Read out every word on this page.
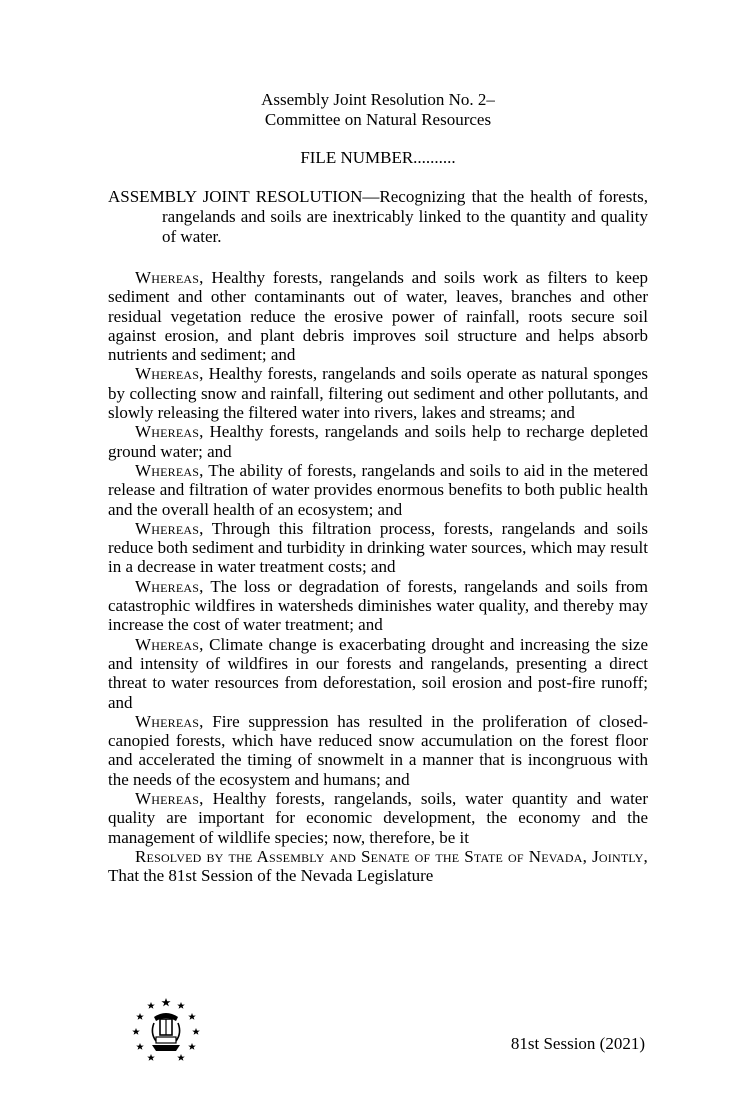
Assembly Joint Resolution No. 2–
Committee on Natural Resources
FILE NUMBER..........
ASSEMBLY JOINT RESOLUTION—Recognizing that the health of forests, rangelands and soils are inextricably linked to the quantity and quality of water.

Whereas, Healthy forests, rangelands and soils work as filters to keep sediment and other contaminants out of water, leaves, branches and other residual vegetation reduce the erosive power of rainfall, roots secure soil against erosion, and plant debris improves soil structure and helps absorb nutrients and sediment; and

Whereas, Healthy forests, rangelands and soils operate as natural sponges by collecting snow and rainfall, filtering out sediment and other pollutants, and slowly releasing the filtered water into rivers, lakes and streams; and

Whereas, Healthy forests, rangelands and soils help to recharge depleted ground water; and

Whereas, The ability of forests, rangelands and soils to aid in the metered release and filtration of water provides enormous benefits to both public health and the overall health of an ecosystem; and

Whereas, Through this filtration process, forests, rangelands and soils reduce both sediment and turbidity in drinking water sources, which may result in a decrease in water treatment costs; and

Whereas, The loss or degradation of forests, rangelands and soils from catastrophic wildfires in watersheds diminishes water quality, and thereby may increase the cost of water treatment; and

Whereas, Climate change is exacerbating drought and increasing the size and intensity of wildfires in our forests and rangelands, presenting a direct threat to water resources from deforestation, soil erosion and post-fire runoff; and

Whereas, Fire suppression has resulted in the proliferation of closed-canopied forests, which have reduced snow accumulation on the forest floor and accelerated the timing of snowmelt in a manner that is incongruous with the needs of the ecosystem and humans; and

Whereas, Healthy forests, rangelands, soils, water quantity and water quality are important for economic development, the economy and the management of wildlife species; now, therefore, be it

Resolved by the Assembly and Senate of the State of Nevada, Jointly, That the 81st Session of the Nevada Legislature

81st Session (2021)
